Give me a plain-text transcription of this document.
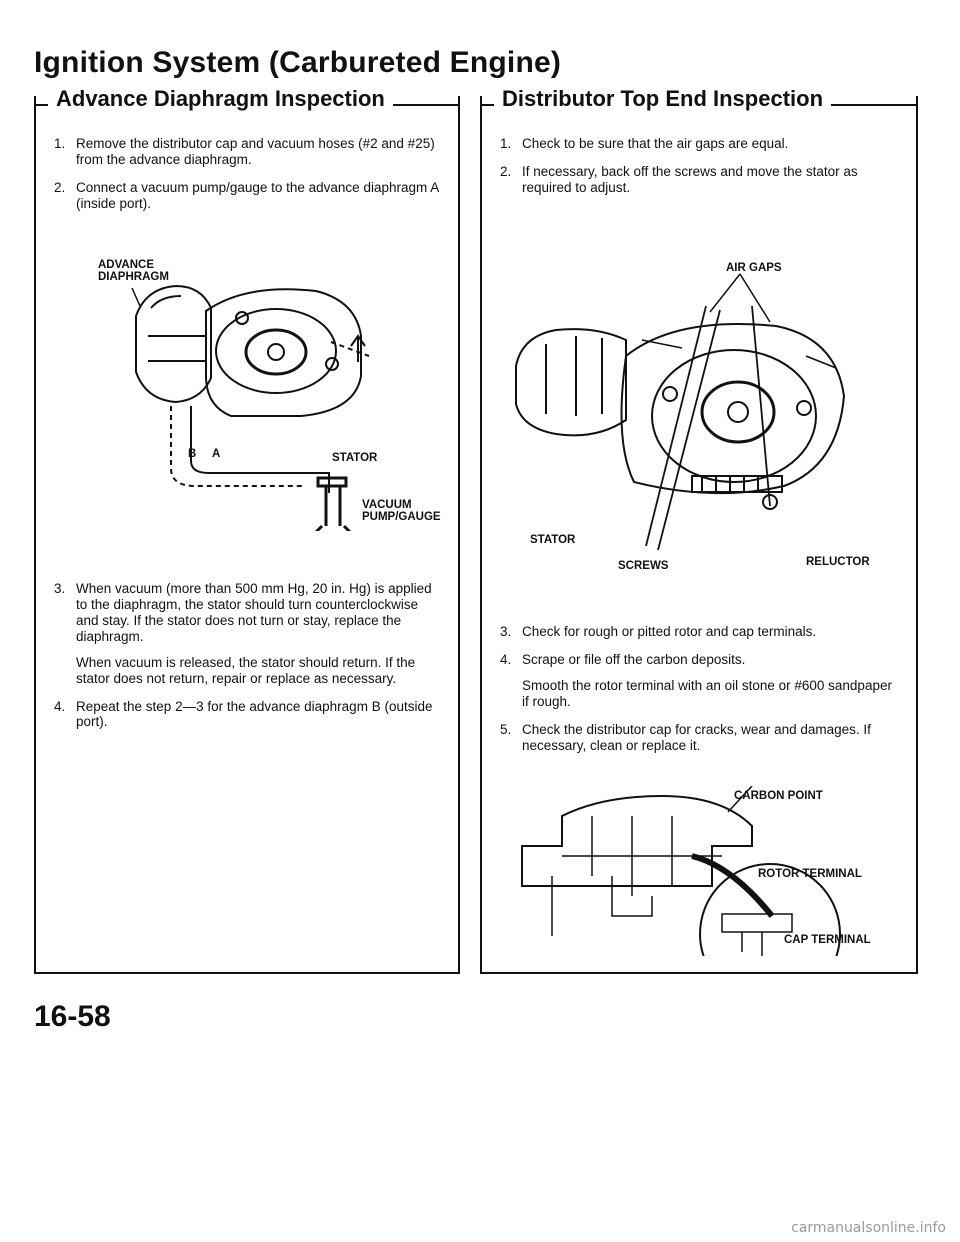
Ignition System (Carbureted Engine)
Advance Diaphragm Inspection
1. Remove the distributor cap and vacuum hoses (#2 and #25) from the advance diaphragm.

2. Connect a vacuum pump/gauge to the advance diaphragm A (inside port).

ADVANCE DIAPHRAGM
B A	STATOR
VACUUM PUMP/GAUGE
3. When vacuum (more than 500 mm Hg, 20 in. Hg) is applied to the diaphragm, the stator should turn counterclockwise and stay. If the stator does not turn or stay, replace the diaphragm.

When vacuum is released, the stator should return. If the stator does not return, repair or replace as necessary.

4. Repeat the step 2—3 for the advance diaphragm B (outside port).

Distributor Top End Inspection
1. Check to be sure that the air gaps are equal.

2. If necessary, back off the screws and move the stator as required to adjust.

AIR GAPS
STATOR
SCREWS	RELUCTOR
3. Check for rough or pitted rotor and cap terminals.

4. Scrape or file off the carbon deposits.

Smooth the rotor terminal with an oil stone or #600 sandpaper if rough.

5. Check the distributor cap for cracks, wear and damages. If necessary, clean or replace it.

CARBON POINT
ROTOR TERMINAL
CAP TERMINAL
16-58
carmanualsonline.info
